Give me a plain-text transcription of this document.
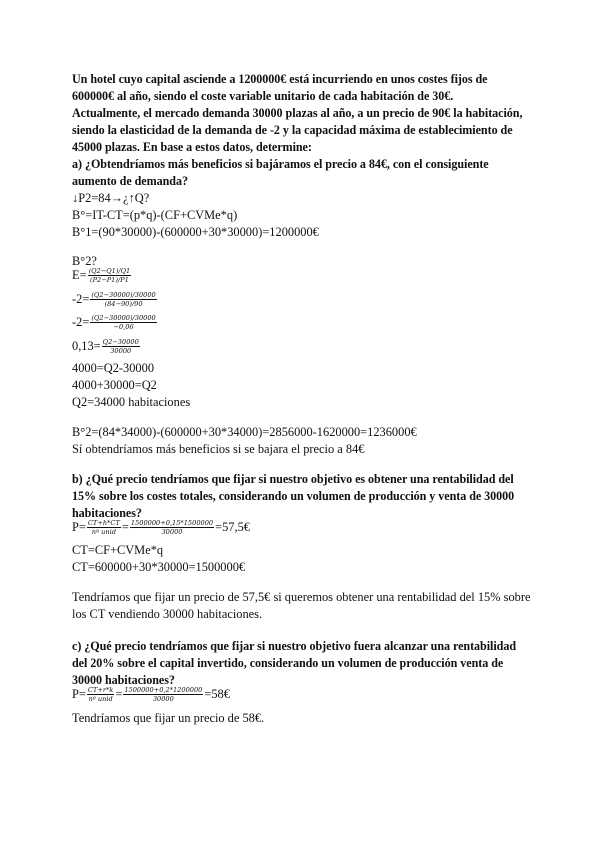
Un hotel cuyo capital asciende a 1200000€ está incurriendo en unos costes fijos de
600000€ al año, siendo el coste variable unitario de cada habitación de 30€.
Actualmente, el mercado demanda 30000 plazas al año, a un precio de 90€ la habitación,
siendo la elasticidad de la demanda de -2 y la capacidad máxima de establecimiento de
45000 plazas. En base a estos datos, determine:
a) ¿Obtendríamos más beneficios si bajáramos el precio a 84€, con el consiguiente
aumento de demanda?
↓P2=84→¿↑Q?
B°=IT-CT=(p*q)-(CF+CVMe*q)
B°1=(90*30000)-(600000+30*30000)=1200000€
B°2?
$E= \frac{(Q2-Q1)/Q1}{(P2-P1)/P1}$
$-2= \frac{(Q2-30000)/30000}{(84-90)/90}$
$-2= \frac{(Q2-30000)/30000}{-0,06}$
$0,13= \frac{Q2-30000}{30000}$
4000=Q2-30000
4000+30000=Q2
Q2=34000 habitaciones
B°2=(84*34000)-(600000+30*34000)=2856000-1620000=1236000€
Sí obtendríamos más beneficios si se bajara el precio a 84€
b) ¿Qué precio tendríamos que fijar si nuestro objetivo es obtener una rentabilidad del
15% sobre los costes totales, considerando un volumen de producción y venta de 30000
habitaciones?
$P= \frac{CT+h*CT}{\text{nº unid}} = \frac{1500000+0,15*1500000}{30000}$ =57,5€
CT=CF+CVMe*q
CT=600000+30*30000=1500000€
Tendríamos que fijar un precio de 57,5€ si queremos obtener una rentabilidad del 15% sobre
los CT vendiendo 30000 habitaciones.
c) ¿Qué precio tendríamos que fijar si nuestro objetivo fuera alcanzar una rentabilidad
del 20% sobre el capital invertido, considerando un volumen de producción venta de
30000 habitaciones?
$P= \frac{CT+r*k}{\text{nº unid}} = \frac{1500000+0,2*1200000}{30000}$ =58€
Tendríamos que fijar un precio de 58€.
